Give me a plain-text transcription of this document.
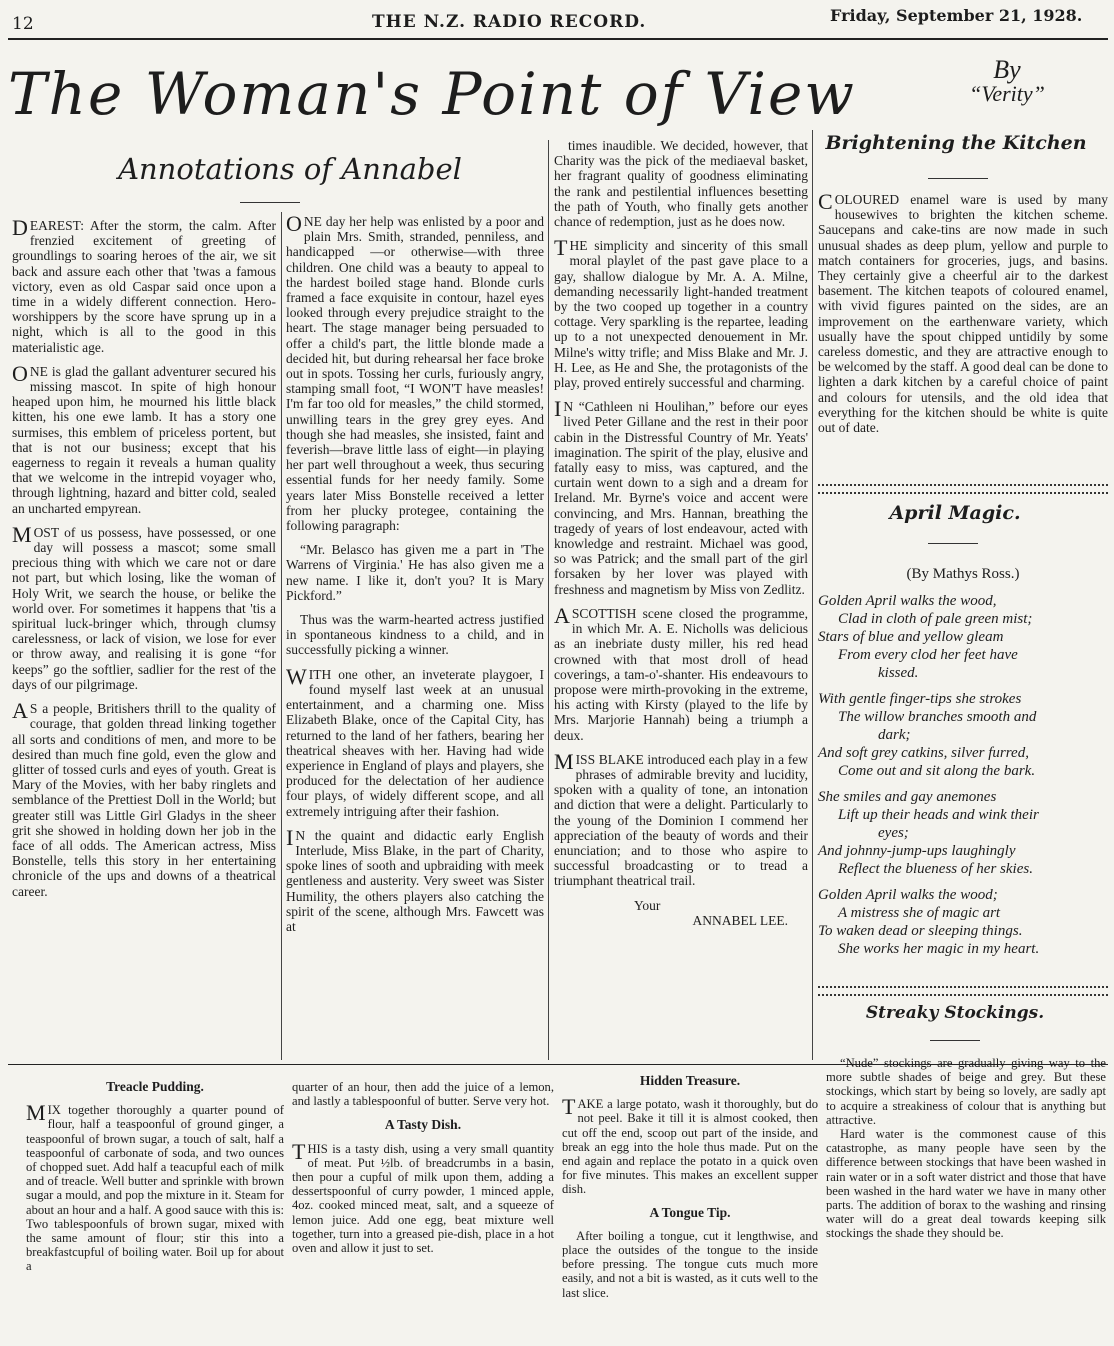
12	THE N.Z. RADIO RECORD.	Friday, September 21, 1928.
The Woman's Point of View	By
“Verity”
Annotations of Annabel

DEAREST: After the storm, the calm. After frenzied excitement of greeting of groundlings to soaring heroes of the air, we sit back and assure each other that 'twas a famous victory, even as old Caspar said once upon a time in a widely different connection. Hero-worshippers by the score have sprung up in a night, which is all to the good in this materialistic age.

ONE is glad the gallant adventurer secured his missing mascot. In spite of high honour heaped upon him, he mourned his little black kitten, his one ewe lamb. It has a story one surmises, this emblem of priceless portent, but that is not our business; except that his eagerness to regain it reveals a human quality that we welcome in the intrepid voyager who, through lightning, hazard and bitter cold, sealed an uncharted empyrean.

MOST of us possess, have possessed, or one day will possess a mascot; some small precious thing with which we care not or dare not part, but which losing, like the woman of Holy Writ, we search the house, or belike the world over. For sometimes it happens that 'tis a spiritual luck-bringer which, through clumsy carelessness, or lack of vision, we lose for ever or throw away, and realising it is gone “for keeps” go the softlier, sadlier for the rest of the days of our pilgrimage.

A S a people, Britishers thrill to the quality of courage, that golden thread linking together all sorts and conditions of men, and more to be desired than much fine gold, even the glow and glitter of tossed curls and eyes of youth. Great is Mary of the Movies, with her baby ringlets and semblance of the Prettiest Doll in the World; but greater still was Little Girl Gladys in the sheer grit she showed in holding down her job in the face of all odds. The American actress, Miss Bonstelle, tells this story in her entertaining chronicle of the ups and downs of a theatrical career.

ONE day her help was enlisted by a poor and plain Mrs. Smith, stranded, penniless, and handicapped —or otherwise—with three children. One child was a beauty to appeal to the hardest boiled stage hand. Blonde curls framed a face exquisite in contour, hazel eyes looked through every prejudice straight to the heart. The stage manager being persuaded to offer a child's part, the little blonde made a decided hit, but during rehearsal her face broke out in spots. Tossing her curls, furiously angry, stamping small foot, “I WON'T have measles! I'm far too old for measles,” the child stormed, unwilling tears in the grey grey eyes. And though she had measles, she insisted, faint and feverish—brave little lass of eight—in playing her part well throughout a week, thus securing essential funds for her needy family. Some years later Miss Bonstelle received a letter from her plucky protegee, containing the following paragraph:

“Mr. Belasco has given me a part in 'The Warrens of Virginia.' He has also given me a new name. I like it, don't you? It is Mary Pickford.”

Thus was the warm-hearted actress justified in spontaneous kindness to a child, and in successfully picking a winner.

WITH one other, an inveterate playgoer, I found myself last week at an unusual entertainment, and a charming one. Miss Elizabeth Blake, once of the Capital City, has returned to the land of her fathers, bearing her theatrical sheaves with her. Having had wide experience in England of plays and players, she produced for the delectation of her audience four plays, of widely different scope, and all extremely intriguing after their fashion.

I N the quaint and didactic early English Interlude, Miss Blake, in the part of Charity, spoke lines of sooth and upbraiding with meek gentleness and austerity. Very sweet was Sister Humility, the others players also catching the spirit of the scene, although Mrs. Fawcett was at

times inaudible. We decided, however, that Charity was the pick of the mediaeval basket, her fragrant quality of goodness eliminating the rank and pestilential influences besetting the path of Youth, who finally gets another chance of redemption, just as he does now.

THE simplicity and sincerity of this small moral playlet of the past gave place to a gay, shallow dialogue by Mr. A. A. Milne, demanding necessarily light-handed treatment by the two cooped up together in a country cottage. Very sparkling is the repartee, leading up to a not unexpected denouement in Mr. Milne's witty trifle; and Miss Blake and Mr. J. H. Lee, as He and She, the protagonists of the play, proved entirely successful and charming.

I N “Cathleen ni Houlihan,” before our eyes lived Peter Gillane and the rest in their poor cabin in the Distressful Country of Mr. Yeats' imagination. The spirit of the play, elusive and fatally easy to miss, was captured, and the curtain went down to a sigh and a dream for Ireland. Mr. Byrne's voice and accent were convincing, and Mrs. Hannan, breathing the tragedy of years of lost endeavour, acted with knowledge and restraint. Michael was good, so was Patrick; and the small part of the girl forsaken by her lover was played with freshness and magnetism by Miss von Zedlitz.

A SCOTTISH scene closed the programme, in which Mr. A. E. Nicholls was delicious as an inebriate dusty miller, his red head crowned with that most droll of head coverings, a tam-o'-shanter. His endeavours to propose were mirth-provoking in the extreme, his acting with Kirsty (played to the life by Mrs. Marjorie Hannah) being a triumph a deux.

MISS BLAKE introduced each play in a few phrases of admirable brevity and lucidity, spoken with a quality of tone, an intonation and diction that were a delight. Particularly to the young of the Dominion I commend her appreciation of the beauty of words and their enunciation; and to those who aspire to successful broadcasting or to tread a triumphant theatrical trail.

Your
ANNABEL LEE.
Brightening the Kitchen

COLOURED enamel ware is used by many housewives to brighten the kitchen scheme. Saucepans and cake-tins are now made in such unusual shades as deep plum, yellow and purple to match containers for groceries, jugs, and basins. They certainly give a cheerful air to the darkest basement. The kitchen teapots of coloured enamel, with vivid figures painted on the sides, are an improvement on the earthenware variety, which usually have the spout chipped untidily by some careless domestic, and they are attractive enough to be welcomed by the staff. A good deal can be done to lighten a dark kitchen by a careful choice of paint and colours for utensils, and the old idea that everything for the kitchen should be white is quite out of date.

April Magic.
(By Mathys Ross.)
Golden April walks the wood,
Clad in cloth of pale green mist;
Stars of blue and yellow gleam
From every clod her feet have
kissed.
With gentle finger-tips she strokes
The willow branches smooth and
dark;
And soft grey catkins, silver furred,
Come out and sit along the bark.
She smiles and gay anemones
Lift up their heads and wink their
eyes;
And johnny-jump-ups laughingly
Reflect the blueness of her skies.
Golden April walks the wood;
A mistress she of magic art
To waken dead or sleeping things.
She works her magic in my heart.
Streaky Stockings.

Treacle Pudding.

MIX together thoroughly a quarter pound of flour, half a teaspoonful of ground ginger, a teaspoonful of brown sugar, a touch of salt, half a teaspoonful of carbonate of soda, and two ounces of chopped suet. Add half a teacupful each of milk and of treacle. Well butter and sprinkle with brown sugar a mould, and pop the mixture in it. Steam for about an hour and a half. A good sauce with this is: Two tablespoonfuls of brown sugar, mixed with the same amount of flour; stir this into a breakfastcupful of boiling water. Boil up for about a

quarter of an hour, then add the juice of a lemon, and lastly a tablespoonful of butter. Serve very hot.

A Tasty Dish.

THIS is a tasty dish, using a very small quantity of meat. Put ½lb. of breadcrumbs in a basin, then pour a cupful of milk upon them, adding a dessertspoonful of curry powder, 1 minced apple, 4oz. cooked minced meat, salt, and a squeeze of lemon juice. Add one egg, beat mixture well together, turn into a greased pie-dish, place in a hot oven and allow it just to set.

Hidden Treasure.

TAKE a large potato, wash it thoroughly, but do not peel. Bake it till it is almost cooked, then cut off the end, scoop out part of the inside, and break an egg into the hole thus made. Put on the end again and replace the potato in a quick oven for five minutes. This makes an excellent supper dish.

A Tongue Tip.

After boiling a tongue, cut it lengthwise, and place the outsides of the tongue to the inside before pressing. The tongue cuts much more easily, and not a bit is wasted, as it cuts well to the last slice.

“Nude” stockings are gradually giving way to the more subtle shades of beige and grey. But these stockings, which start by being so lovely, are sadly apt to acquire a streakiness of colour that is anything but attractive.

Hard water is the commonest cause of this catastrophe, as many people have seen by the difference between stockings that have been washed in rain water or in a soft water district and those that have been washed in the hard water we have in many other parts. The addition of borax to the washing and rinsing water will do a great deal towards keeping silk stockings the shade they should be.
